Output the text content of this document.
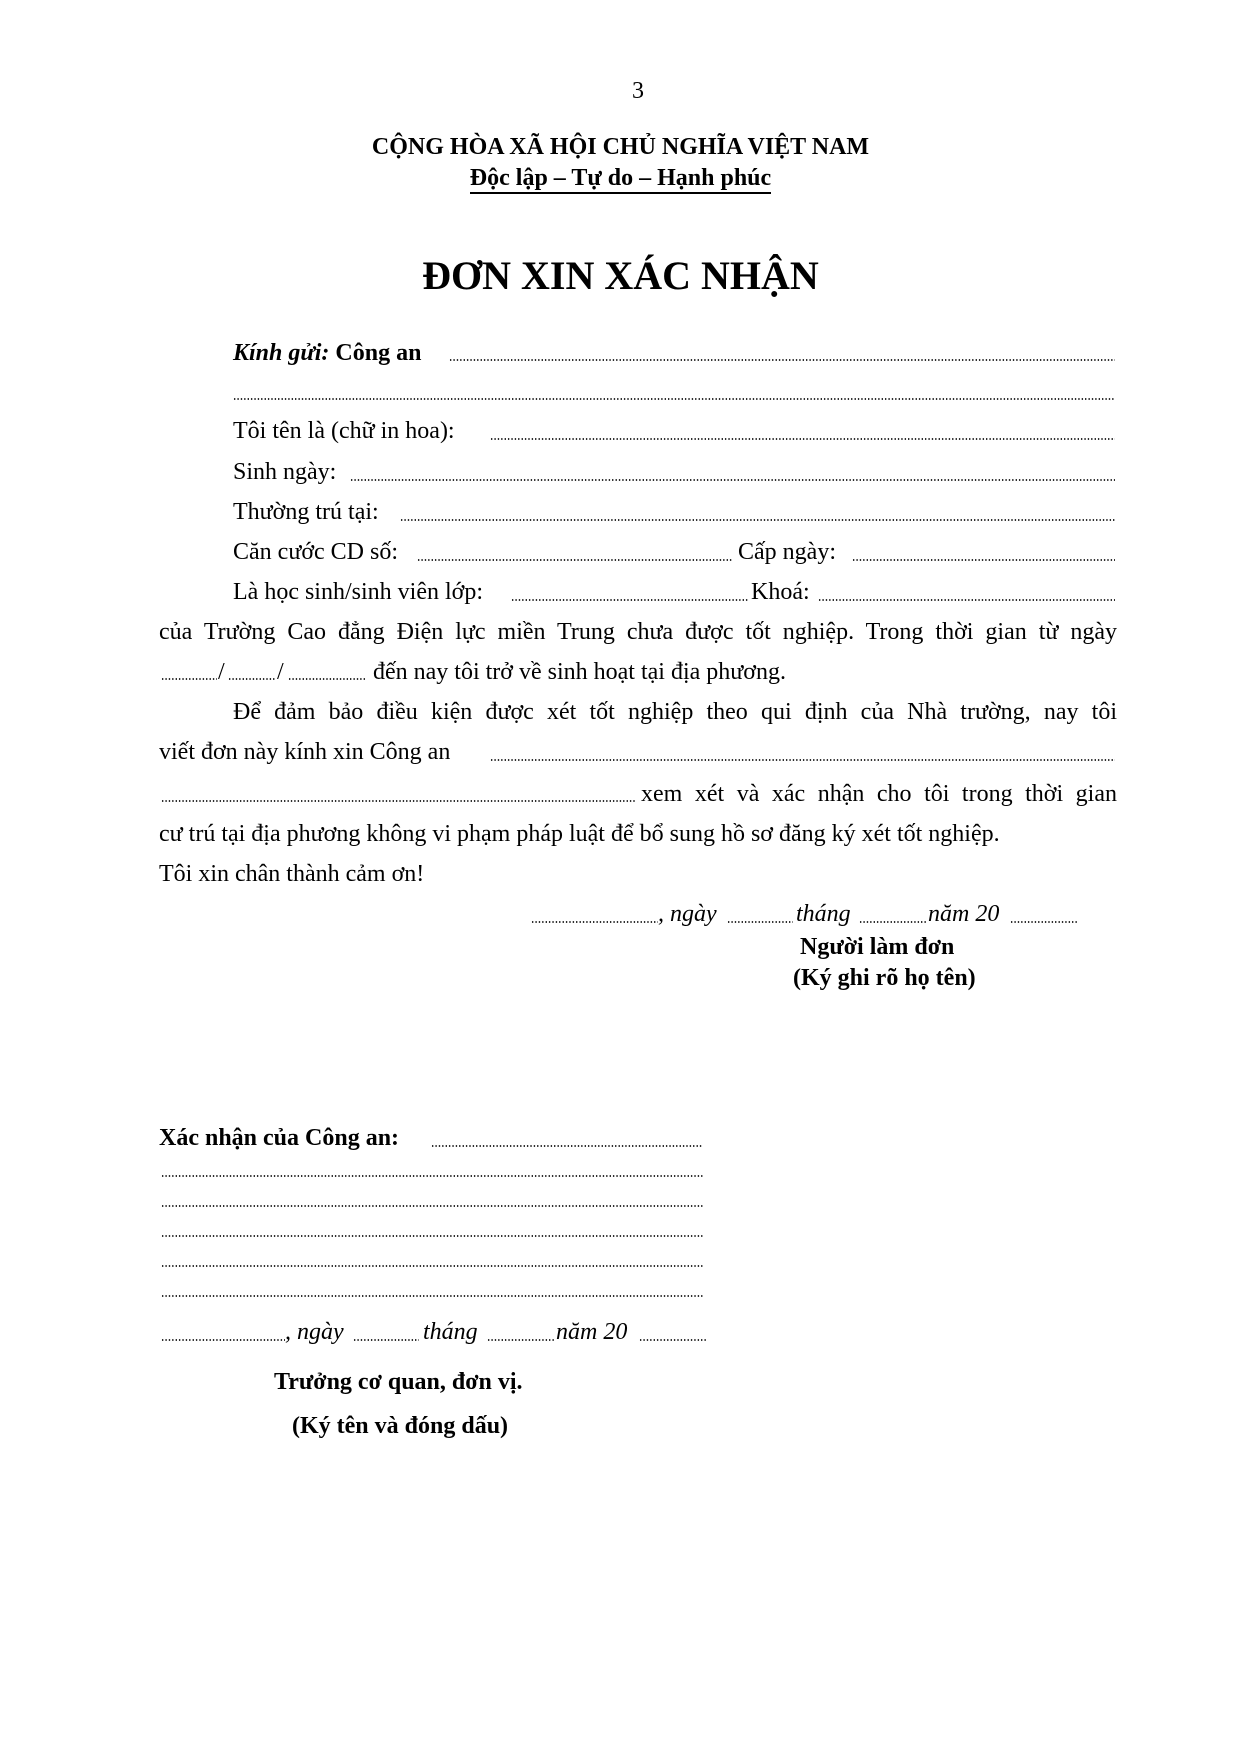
3
CỘNG HÒA XÃ HỘI CHỦ NGHĨA VIỆT NAM
Độc lập – Tự do – Hạnh phúc
ĐƠN XIN XÁC NHẬN
Kính gửi: Công an
Tôi tên là (chữ in hoa):
Sinh ngày:
Thường trú tại:
Căn cước CD số:	Cấp ngày:
Là học sinh/sinh viên lớp:	Khoá:
của Trường Cao đẳng Điện lực miền Trung chưa được tốt nghiệp. Trong thời gian từ ngày
/ /	đến nay tôi trở về sinh hoạt tại địa phương.
Để đảm bảo điều kiện được xét tốt nghiệp theo qui định của Nhà trường, nay tôi
viết đơn này kính xin Công an
xem xét và xác nhận cho tôi trong thời gian
cư trú tại địa phương không vi phạm pháp luật để bổ sung hồ sơ đăng ký xét tốt nghiệp.
Tôi xin chân thành cảm ơn!
, ngày	tháng	năm 20
Người làm đơn
(Ký ghi rõ họ tên)
Xác nhận của Công an:
, ngày	tháng	năm 20
Trưởng cơ quan, đơn vị.
(Ký tên và đóng dấu)
